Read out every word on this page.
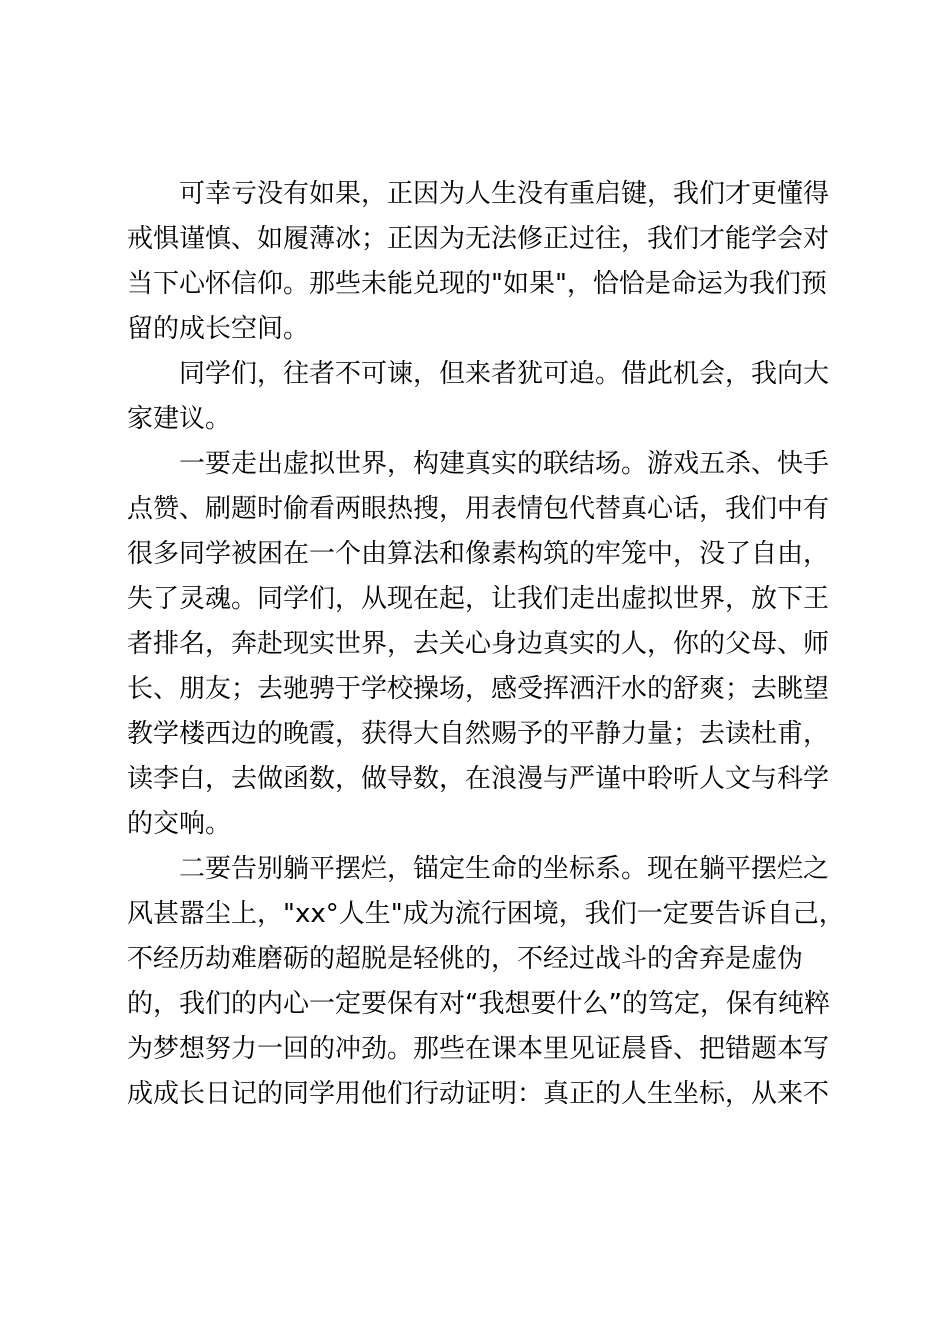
可幸亏没有如果，正因为人生没有重启键，我们才更懂得
戒惧谨慎、如履薄冰；正因为无法修正过往，我们才能学会对
当下心怀信仰。那些未能兑现的"如果"，恰恰是命运为我们预
留的成长空间。
同学们，往者不可谏，但来者犹可追。借此机会，我向大
家建议。
一要走出虚拟世界，构建真实的联结场。游戏五杀、快手
点赞、刷题时偷看两眼热搜，用表情包代替真心话，我们中有
很多同学被困在一个由算法和像素构筑的牢笼中，没了自由，
失了灵魂。同学们，从现在起，让我们走出虚拟世界，放下王
者排名，奔赴现实世界，去关心身边真实的人，你的父母、师
长、朋友；去驰骋于学校操场，感受挥洒汗水的舒爽；去眺望
教学楼西边的晚霞，获得大自然赐予的平静力量；去读杜甫，
读李白，去做函数，做导数，在浪漫与严谨中聆听人文与科学
的交响。
二要告别躺平摆烂，锚定生命的坐标系。现在躺平摆烂之
风甚嚣尘上，"xx°人生"成为流行困境，我们一定要告诉自己，
不经历劫难磨砺的超脱是轻佻的，不经过战斗的舍弃是虚伪
的，我们的内心一定要保有对“我想要什么”的笃定，保有纯粹
为梦想努力一回的冲劲。那些在课本里见证晨昏、把错题本写
成成长日记的同学用他们行动证明：真正的人生坐标，从来不
